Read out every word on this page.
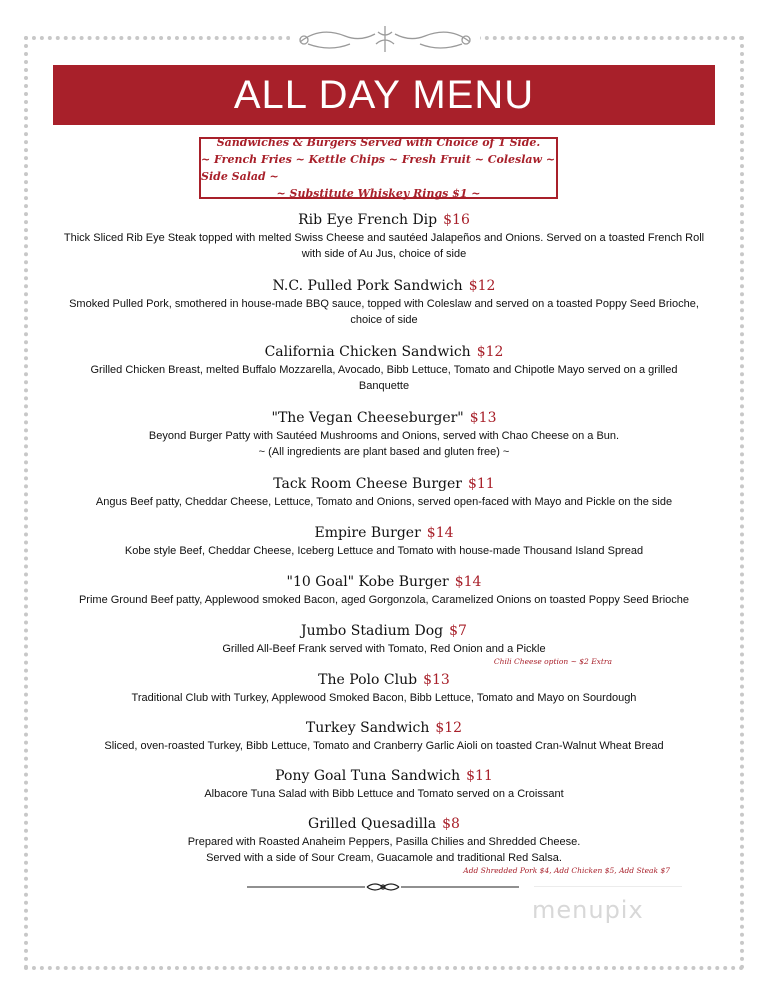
ALL DAY MENU
Sandwiches & Burgers Served with Choice of 1 Side.
~ French Fries ~ Kettle Chips ~ Fresh Fruit ~ Coleslaw ~ Side Salad ~
~ Substitute Whiskey Rings $1 ~
Rib Eye French Dip $16
Thick Sliced Rib Eye Steak topped with melted Swiss Cheese and sautéed Jalapeños and Onions. Served on a toasted French Roll
with side of Au Jus, choice of side
N.C. Pulled Pork Sandwich $12
Smoked Pulled Pork, smothered in house-made BBQ sauce, topped with Coleslaw and served on a toasted Poppy Seed Brioche,
choice of side
California Chicken Sandwich $12
Grilled Chicken Breast, melted Buffalo Mozzarella, Avocado, Bibb Lettuce, Tomato and Chipotle Mayo served on a grilled
Banquette
"The Vegan Cheeseburger" $13
Beyond Burger Patty with Sautéed Mushrooms and Onions, served with Chao Cheese on a Bun.
~ (All ingredients are plant based and gluten free) ~
Tack Room Cheese Burger $11
Angus Beef patty, Cheddar Cheese, Lettuce, Tomato and Onions, served open-faced with Mayo and Pickle on the side
Empire Burger $14
Kobe style Beef, Cheddar Cheese, Iceberg Lettuce and Tomato with house-made Thousand Island Spread
"10 Goal" Kobe Burger $14
Prime Ground Beef patty, Applewood smoked Bacon, aged Gorgonzola, Caramelized Onions on toasted Poppy Seed Brioche
Jumbo Stadium Dog $7
Grilled All-Beef Frank served with Tomato, Red Onion and a Pickle
Chili Cheese option ~ $2 Extra
The Polo Club $13
Traditional Club with Turkey, Applewood Smoked Bacon, Bibb Lettuce, Tomato and Mayo on Sourdough
Turkey Sandwich $12
Sliced, oven-roasted Turkey, Bibb Lettuce, Tomato and Cranberry Garlic Aioli on toasted Cran-Walnut Wheat Bread
Pony Goal Tuna Sandwich $11
Albacore Tuna Salad with Bibb Lettuce and Tomato served on a Croissant
Grilled Quesadilla $8
Prepared with Roasted Anaheim Peppers, Pasilla Chilies and Shredded Cheese.
Served with a side of Sour Cream, Guacamole and traditional Red Salsa.
Add Shredded Pork $4, Add Chicken $5, Add Steak $7
menupix
